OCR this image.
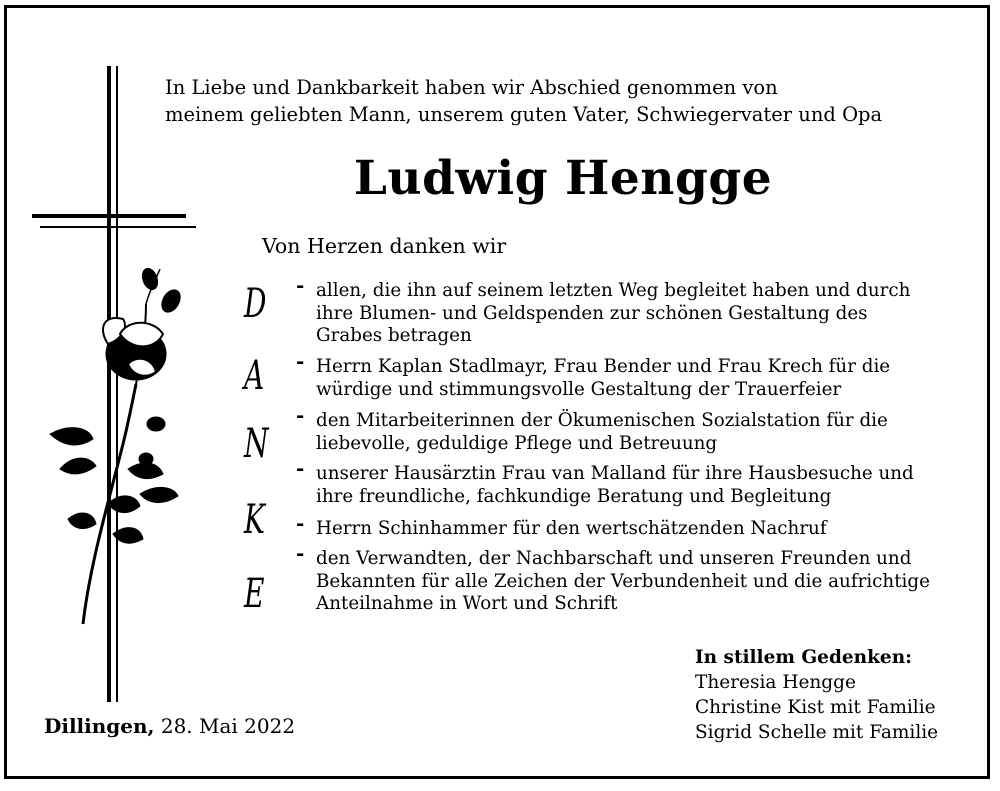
In Liebe und Dankbarkeit haben wir Abschied genommen von
meinem geliebten Mann, unserem guten Vater, Schwiegervater und Opa
Ludwig Hengge
Von Herzen danken wir
D
A
N
K
E
- allen, die ihn auf seinem letzten Weg begleitet haben und durch
ihre Blumen- und Geldspenden zur schönen Gestaltung des
Grabes betragen
- Herrn Kaplan Stadlmayr, Frau Bender und Frau Krech für die
würdige und stimmungsvolle Gestaltung der Trauerfeier
- den Mitarbeiterinnen der Ökumenischen Sozialstation für die
liebevolle, geduldige Pflege und Betreuung
- unserer Hausärztin Frau van Malland für ihre Hausbesuche und
ihre freundliche, fachkundige Beratung und Begleitung
- Herrn Schinhammer für den wertschätzenden Nachruf
- den Verwandten, der Nachbarschaft und unseren Freunden und
Bekannten für alle Zeichen der Verbundenheit und die aufrichtige
Anteilnahme in Wort und Schrift
In stillem Gedenken:
Theresia Hengge
Christine Kist mit Familie
Sigrid Schelle mit Familie
Dillingen, 28. Mai 2022
